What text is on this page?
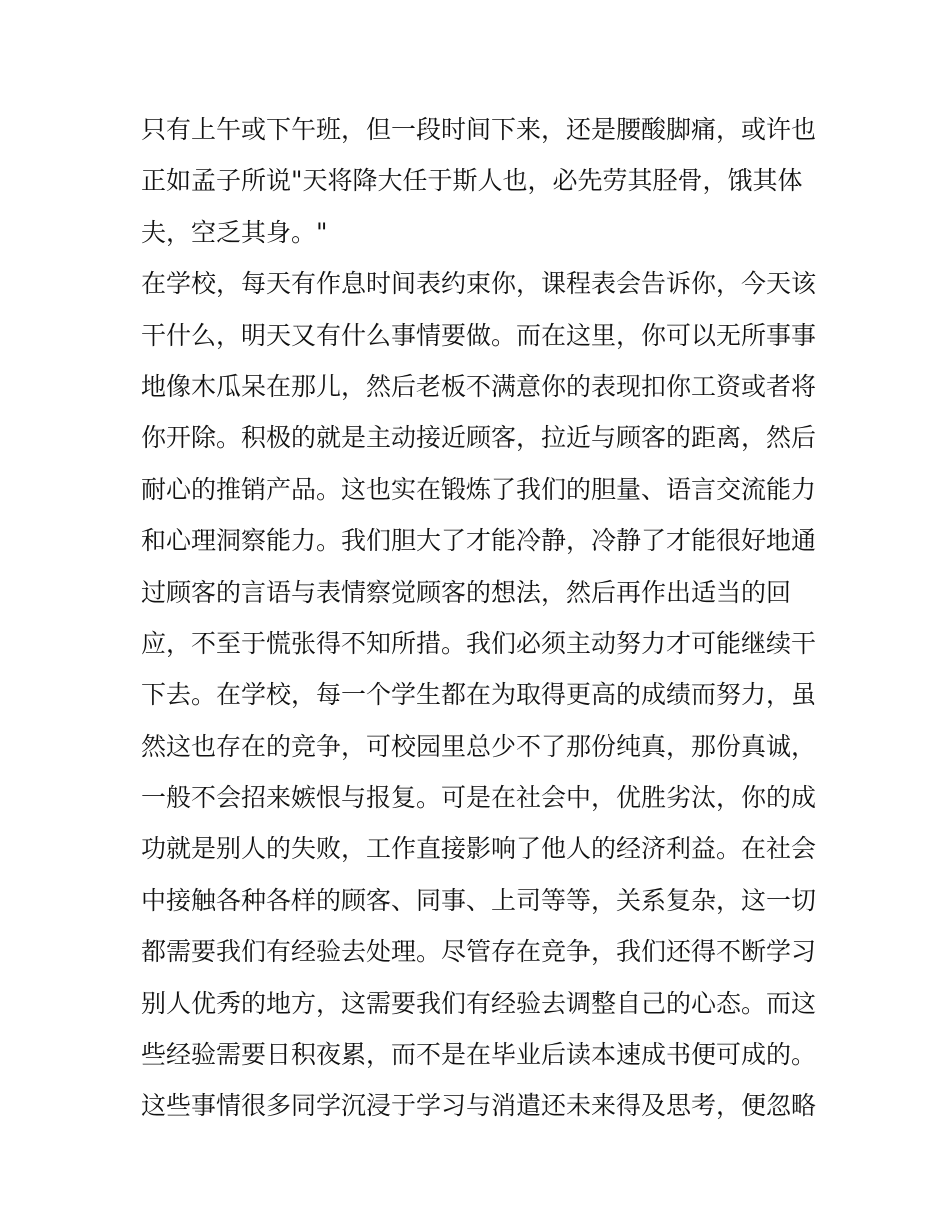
只有上午或下午班，但一段时间下来，还是腰酸脚痛，或许也
正如孟子所说"天将降大任于斯人也，必先劳其胫骨，饿其体
夫，空乏其身。"
在学校，每天有作息时间表约束你，课程表会告诉你，今天该
干什么，明天又有什么事情要做。而在这里，你可以无所事事
地像木瓜呆在那儿，然后老板不满意你的表现扣你工资或者将
你开除。积极的就是主动接近顾客，拉近与顾客的距离，然后
耐心的推销产品。这也实在锻炼了我们的胆量、语言交流能力
和心理洞察能力。我们胆大了才能冷静，冷静了才能很好地通
过顾客的言语与表情察觉顾客的想法，然后再作出适当的回
应，不至于慌张得不知所措。我们必须主动努力才可能继续干
下去。在学校，每一个学生都在为取得更高的成绩而努力，虽
然这也存在的竞争，可校园里总少不了那份纯真，那份真诚，
一般不会招来嫉恨与报复。可是在社会中，优胜劣汰，你的成
功就是别人的失败，工作直接影响了他人的经济利益。在社会
中接触各种各样的顾客、同事、上司等等，关系复杂，这一切
都需要我们有经验去处理。尽管存在竞争，我们还得不断学习
别人优秀的地方，这需要我们有经验去调整自己的心态。而这
些经验需要日积夜累，而不是在毕业后读本速成书便可成的。
这些事情很多同学沉浸于学习与消遣还未来得及思考，便忽略
